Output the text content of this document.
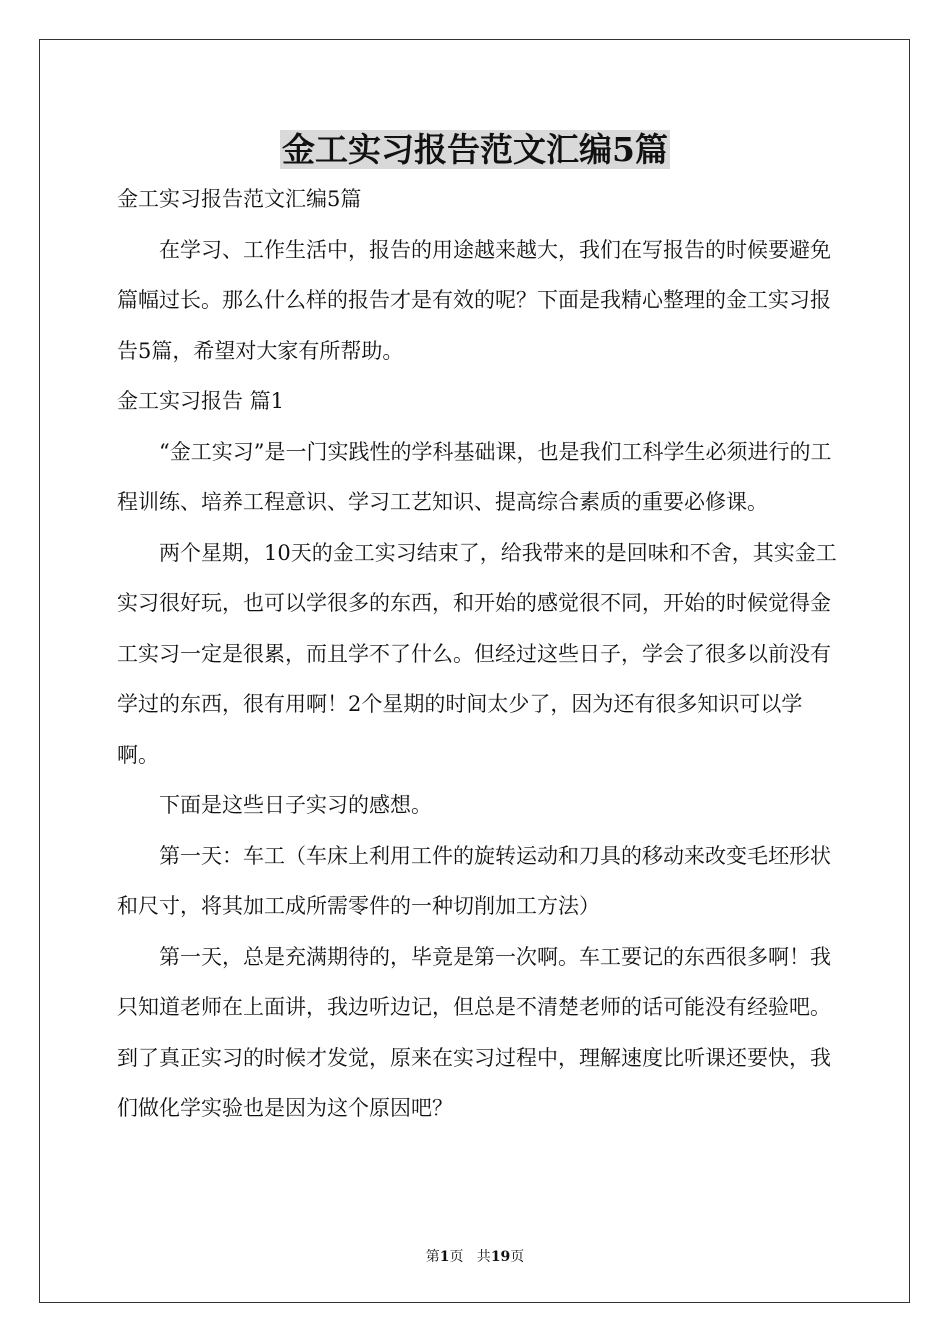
金工实习报告范文汇编5篇

金工实习报告范文汇编5篇

在学习、工作生活中，报告的用途越来越大，我们在写报告的时候要避免篇幅过长。那么什么样的报告才是有效的呢？下面是我精心整理的金工实习报告5篇，希望对大家有所帮助。

金工实习报告 篇1

“金工实习”是一门实践性的学科基础课，也是我们工科学生必须进行的工程训练、培养工程意识、学习工艺知识、提高综合素质的重要必修课。

两个星期，10天的金工实习结束了，给我带来的是回味和不舍，其实金工实习很好玩，也可以学很多的东西，和开始的感觉很不同，开始的时候觉得金工实习一定是很累，而且学不了什么。但经过这些日子，学会了很多以前没有学过的东西，很有用啊！2个星期的时间太少了，因为还有很多知识可以学啊。

下面是这些日子实习的感想。

第一天：车工（车床上利用工件的旋转运动和刀具的移动来改变毛坯形状和尺寸，将其加工成所需零件的一种切削加工方法）

第一天，总是充满期待的，毕竟是第一次啊。车工要记的东西很多啊！我只知道老师在上面讲，我边听边记，但总是不清楚老师的话可能没有经验吧。到了真正实习的时候才发觉，原来在实习过程中，理解速度比听课还要快，我们做化学实验也是因为这个原因吧？

第1页   共19页
